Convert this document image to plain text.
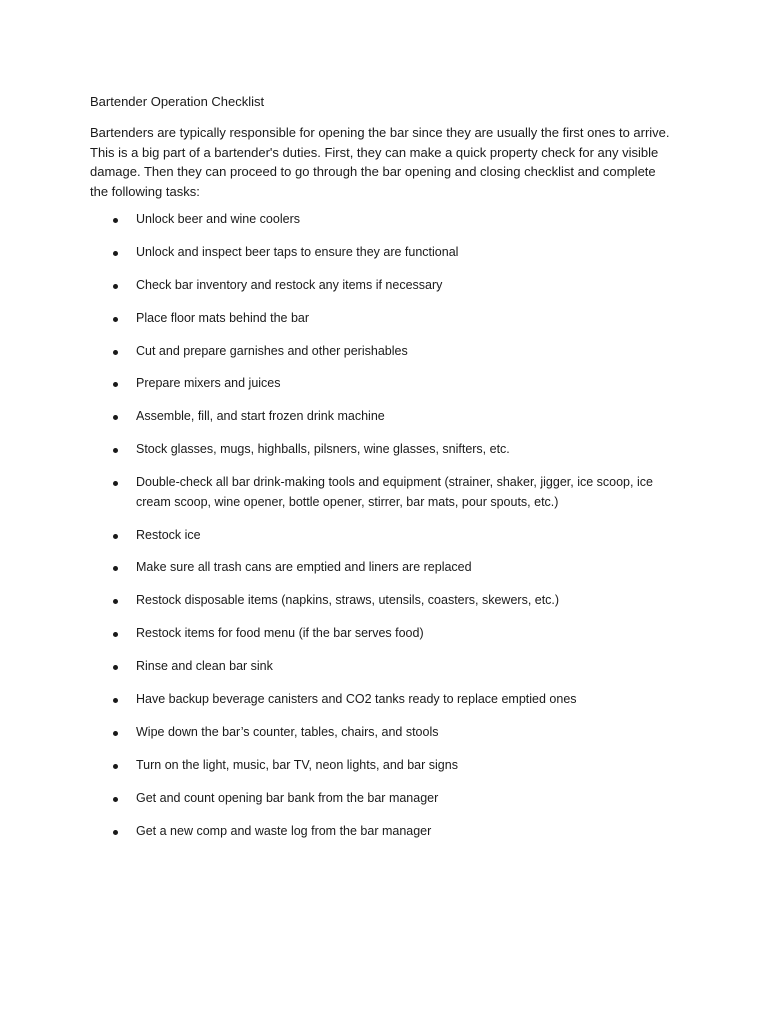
Bartender Operation Checklist
Bartenders are typically responsible for opening the bar since they are usually the first ones to arrive. This is a big part of a bartender's duties. First, they can make a quick property check for any visible damage. Then they can proceed to go through the bar opening and closing checklist and complete the following tasks:
Unlock beer and wine coolers
Unlock and inspect beer taps to ensure they are functional
Check bar inventory and restock any items if necessary
Place floor mats behind the bar
Cut and prepare garnishes and other perishables
Prepare mixers and juices
Assemble, fill, and start frozen drink machine
Stock glasses, mugs, highballs, pilsners, wine glasses, snifters, etc.
Double-check all bar drink-making tools and equipment (strainer, shaker, jigger, ice scoop, ice cream scoop, wine opener, bottle opener, stirrer, bar mats, pour spouts, etc.)
Restock ice
Make sure all trash cans are emptied and liners are replaced
Restock disposable items (napkins, straws, utensils, coasters, skewers, etc.)
Restock items for food menu (if the bar serves food)
Rinse and clean bar sink
Have backup beverage canisters and CO2 tanks ready to replace emptied ones
Wipe down the bar’s counter, tables, chairs, and stools
Turn on the light, music, bar TV, neon lights, and bar signs
Get and count opening bar bank from the bar manager
Get a new comp and waste log from the bar manager
